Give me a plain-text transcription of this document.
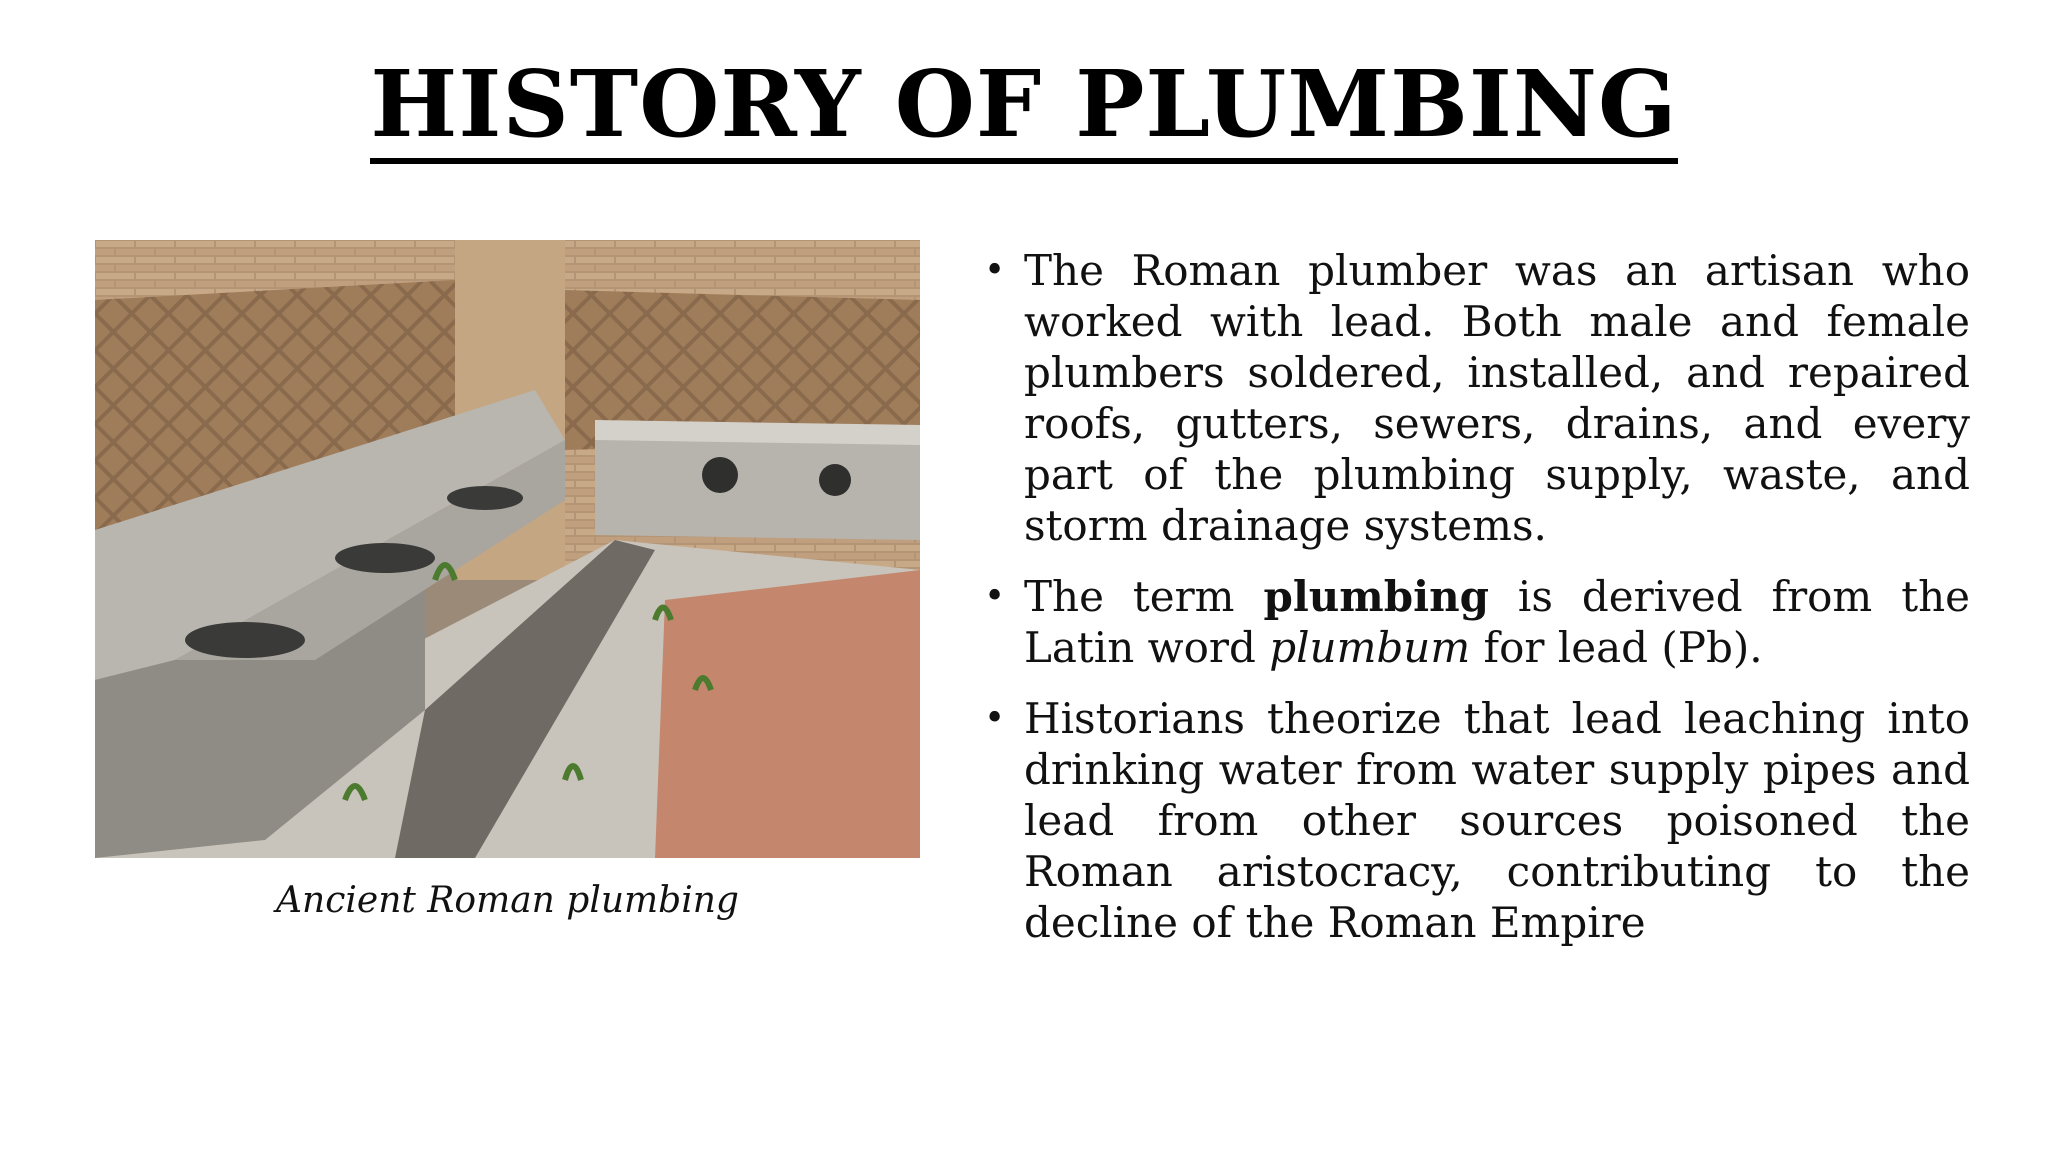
HISTORY OF PLUMBING
Ancient Roman plumbing
• The Roman plumber was an artisan who worked with lead. Both male and female plumbers soldered, installed, and repaired roofs, gutters, sewers, drains, and every part of the plumbing supply, waste, and storm drainage systems.
• The term plumbing is derived from the Latin word plumbum for lead (Pb).
• Historians theorize that lead leaching into drinking water from water supply pipes and lead from other sources poisoned the Roman aristocracy, contributing to the decline of the Roman Empire
